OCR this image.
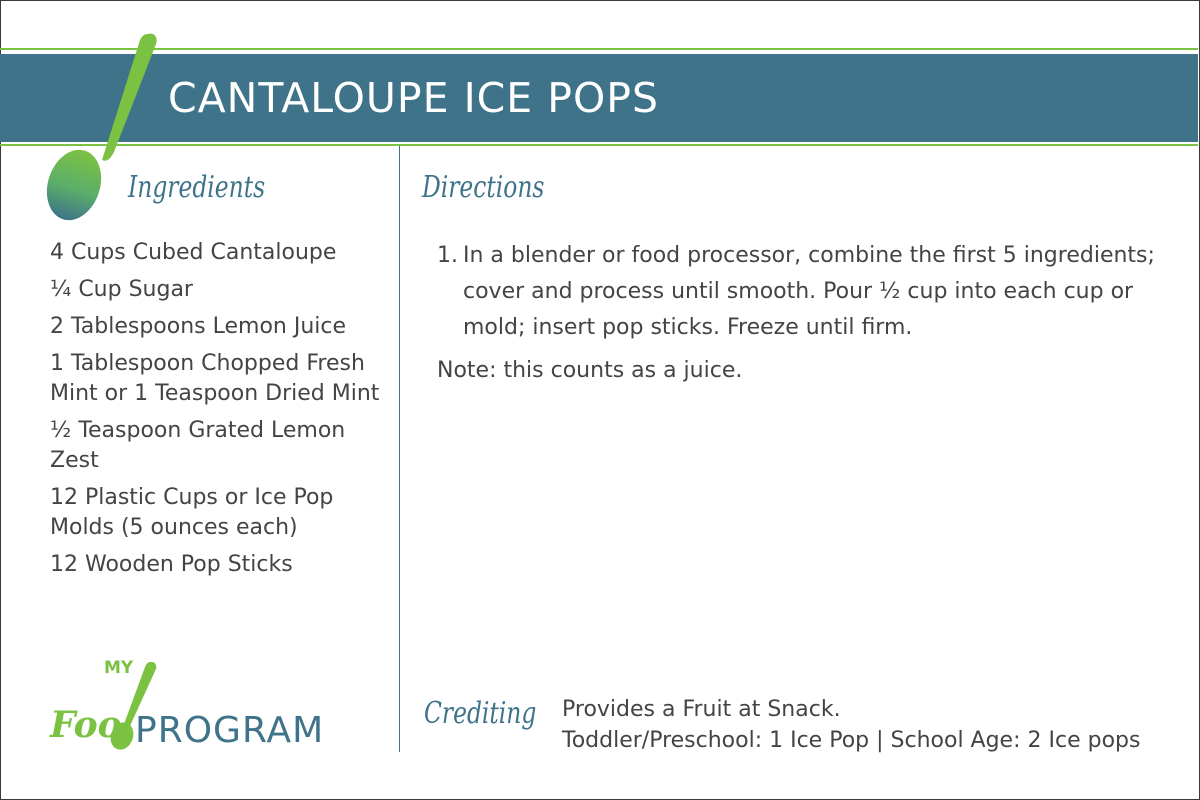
CANTALOUPE ICE POPS
Ingredients
4 Cups Cubed Cantaloupe
¼ Cup Sugar
2 Tablespoons Lemon Juice
1 Tablespoon Chopped Fresh Mint or 1 Teaspoon Dried Mint
½ Teaspoon Grated Lemon Zest
12 Plastic Cups or Ice Pop Molds (5 ounces each)
12 Wooden Pop Sticks
Directions
1. In a blender or food processor, combine the first 5 ingredients; cover and process until smooth. Pour ½ cup into each cup or mold; insert pop sticks. Freeze until firm.
Note: this counts as a juice.
Crediting Provides a Fruit at Snack.
Toddler/Preschool: 1 Ice Pop | School Age: 2 Ice pops
MY
Foo PROGRAM
